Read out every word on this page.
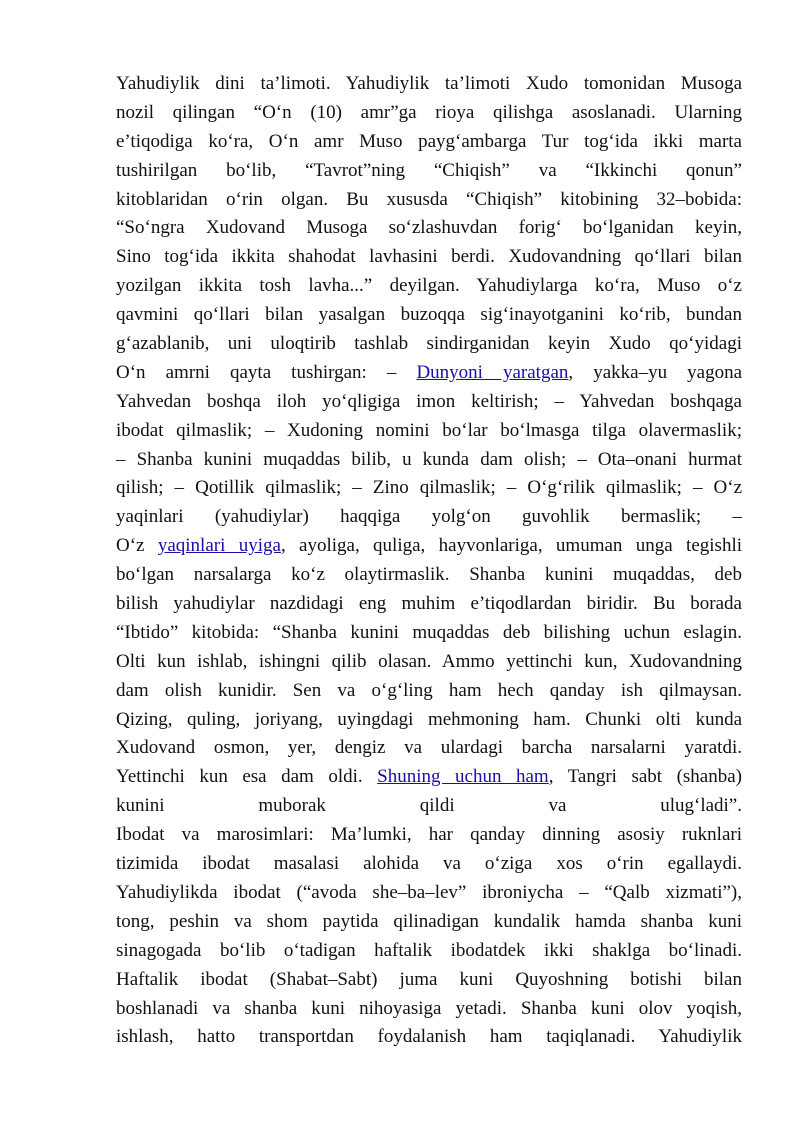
Yahudiylik dini ta’limoti. Yahudiylik ta’limoti Xudo tomonidan Musoga
nozil qilingan “O‘n (10) amr”ga rioya qilishga asoslanadi. Ularning
e’tiqodiga ko‘ra, O‘n amr Muso payg‘ambarga Tur tog‘ida ikki marta
tushirilgan bo‘lib, “Tavrot”ning “Chiqish” va “Ikkinchi qonun”
kitoblaridan o‘rin olgan. Bu xususda “Chiqish” kitobining 32–bobida:
“So‘ngra Xudovand Musoga so‘zlashuvdan forig‘ bo‘lganidan keyin,
Sino tog‘ida ikkita shahodat lavhasini berdi. Xudovandning qo‘llari bilan
yozilgan ikkita tosh lavha...” deyilgan. Yahudiylarga ko‘ra, Muso o‘z
qavmini qo‘llari bilan yasalgan buzoqqa sig‘inayotganini ko‘rib, bundan
g‘azablanib, uni uloqtirib tashlab sindirganidan keyin Xudo qo‘yidagi
O‘n amrni qayta tushirgan: – Dunyoni yaratgan, yakka–yu yagona
Yahvedan boshqa iloh yo‘qligiga imon keltirish; – Yahvedan boshqaga
ibodat qilmaslik; – Xudoning nomini bo‘lar bo‘lmasga tilga olavermaslik;
– Shanba kunini muqaddas bilib, u kunda dam olish; – Ota–onani hurmat
qilish; – Qotillik qilmaslik; – Zino qilmaslik; – O‘g‘rilik qilmaslik; – O‘z
yaqinlari (yahudiylar) haqqiga yolg‘on guvohlik bermaslik; –
O‘z yaqinlari uyiga, ayoliga, quliga, hayvonlariga, umuman unga tegishli
bo‘lgan narsalarga ko‘z olaytirmaslik. Shanba kunini muqaddas, deb
bilish yahudiylar nazdidagi eng muhim e’tiqodlardan biridir. Bu borada
“Ibtido” kitobida: “Shanba kunini muqaddas deb bilishing uchun eslagin.
Olti kun ishlab, ishingni qilib olasan. Ammo yettinchi kun, Xudovandning
dam olish kunidir. Sen va o‘g‘ling ham hech qanday ish qilmaysan.
Qizing, quling, joriyang, uyingdagi mehmoning ham. Chunki olti kunda
Xudovand osmon, yer, dengiz va ulardagi barcha narsalarni yaratdi.
Yettinchi kun esa dam oldi. Shuning uchun ham, Tangri sabt (shanba)
kunini muborak qildi va ulug‘ladi”.
Ibodat va marosimlari: Ma’lumki, har qanday dinning asosiy ruknlari
tizimida ibodat masalasi alohida va o‘ziga xos o‘rin egallaydi.
Yahudiylikda ibodat (“avoda she–ba–lev” ibroniycha – “Qalb xizmati”),
tong, peshin va shom paytida qilinadigan kundalik hamda shanba kuni
sinagogada bo‘lib o‘tadigan haftalik ibodatdek ikki shaklga bo‘linadi.
Haftalik ibodat (Shabat–Sabt) juma kuni Quyoshning botishi bilan
boshlanadi va shanba kuni nihoyasiga yetadi. Shanba kuni olov yoqish,
ishlash, hatto transportdan foydalanish ham taqiqlanadi. Yahudiylik
